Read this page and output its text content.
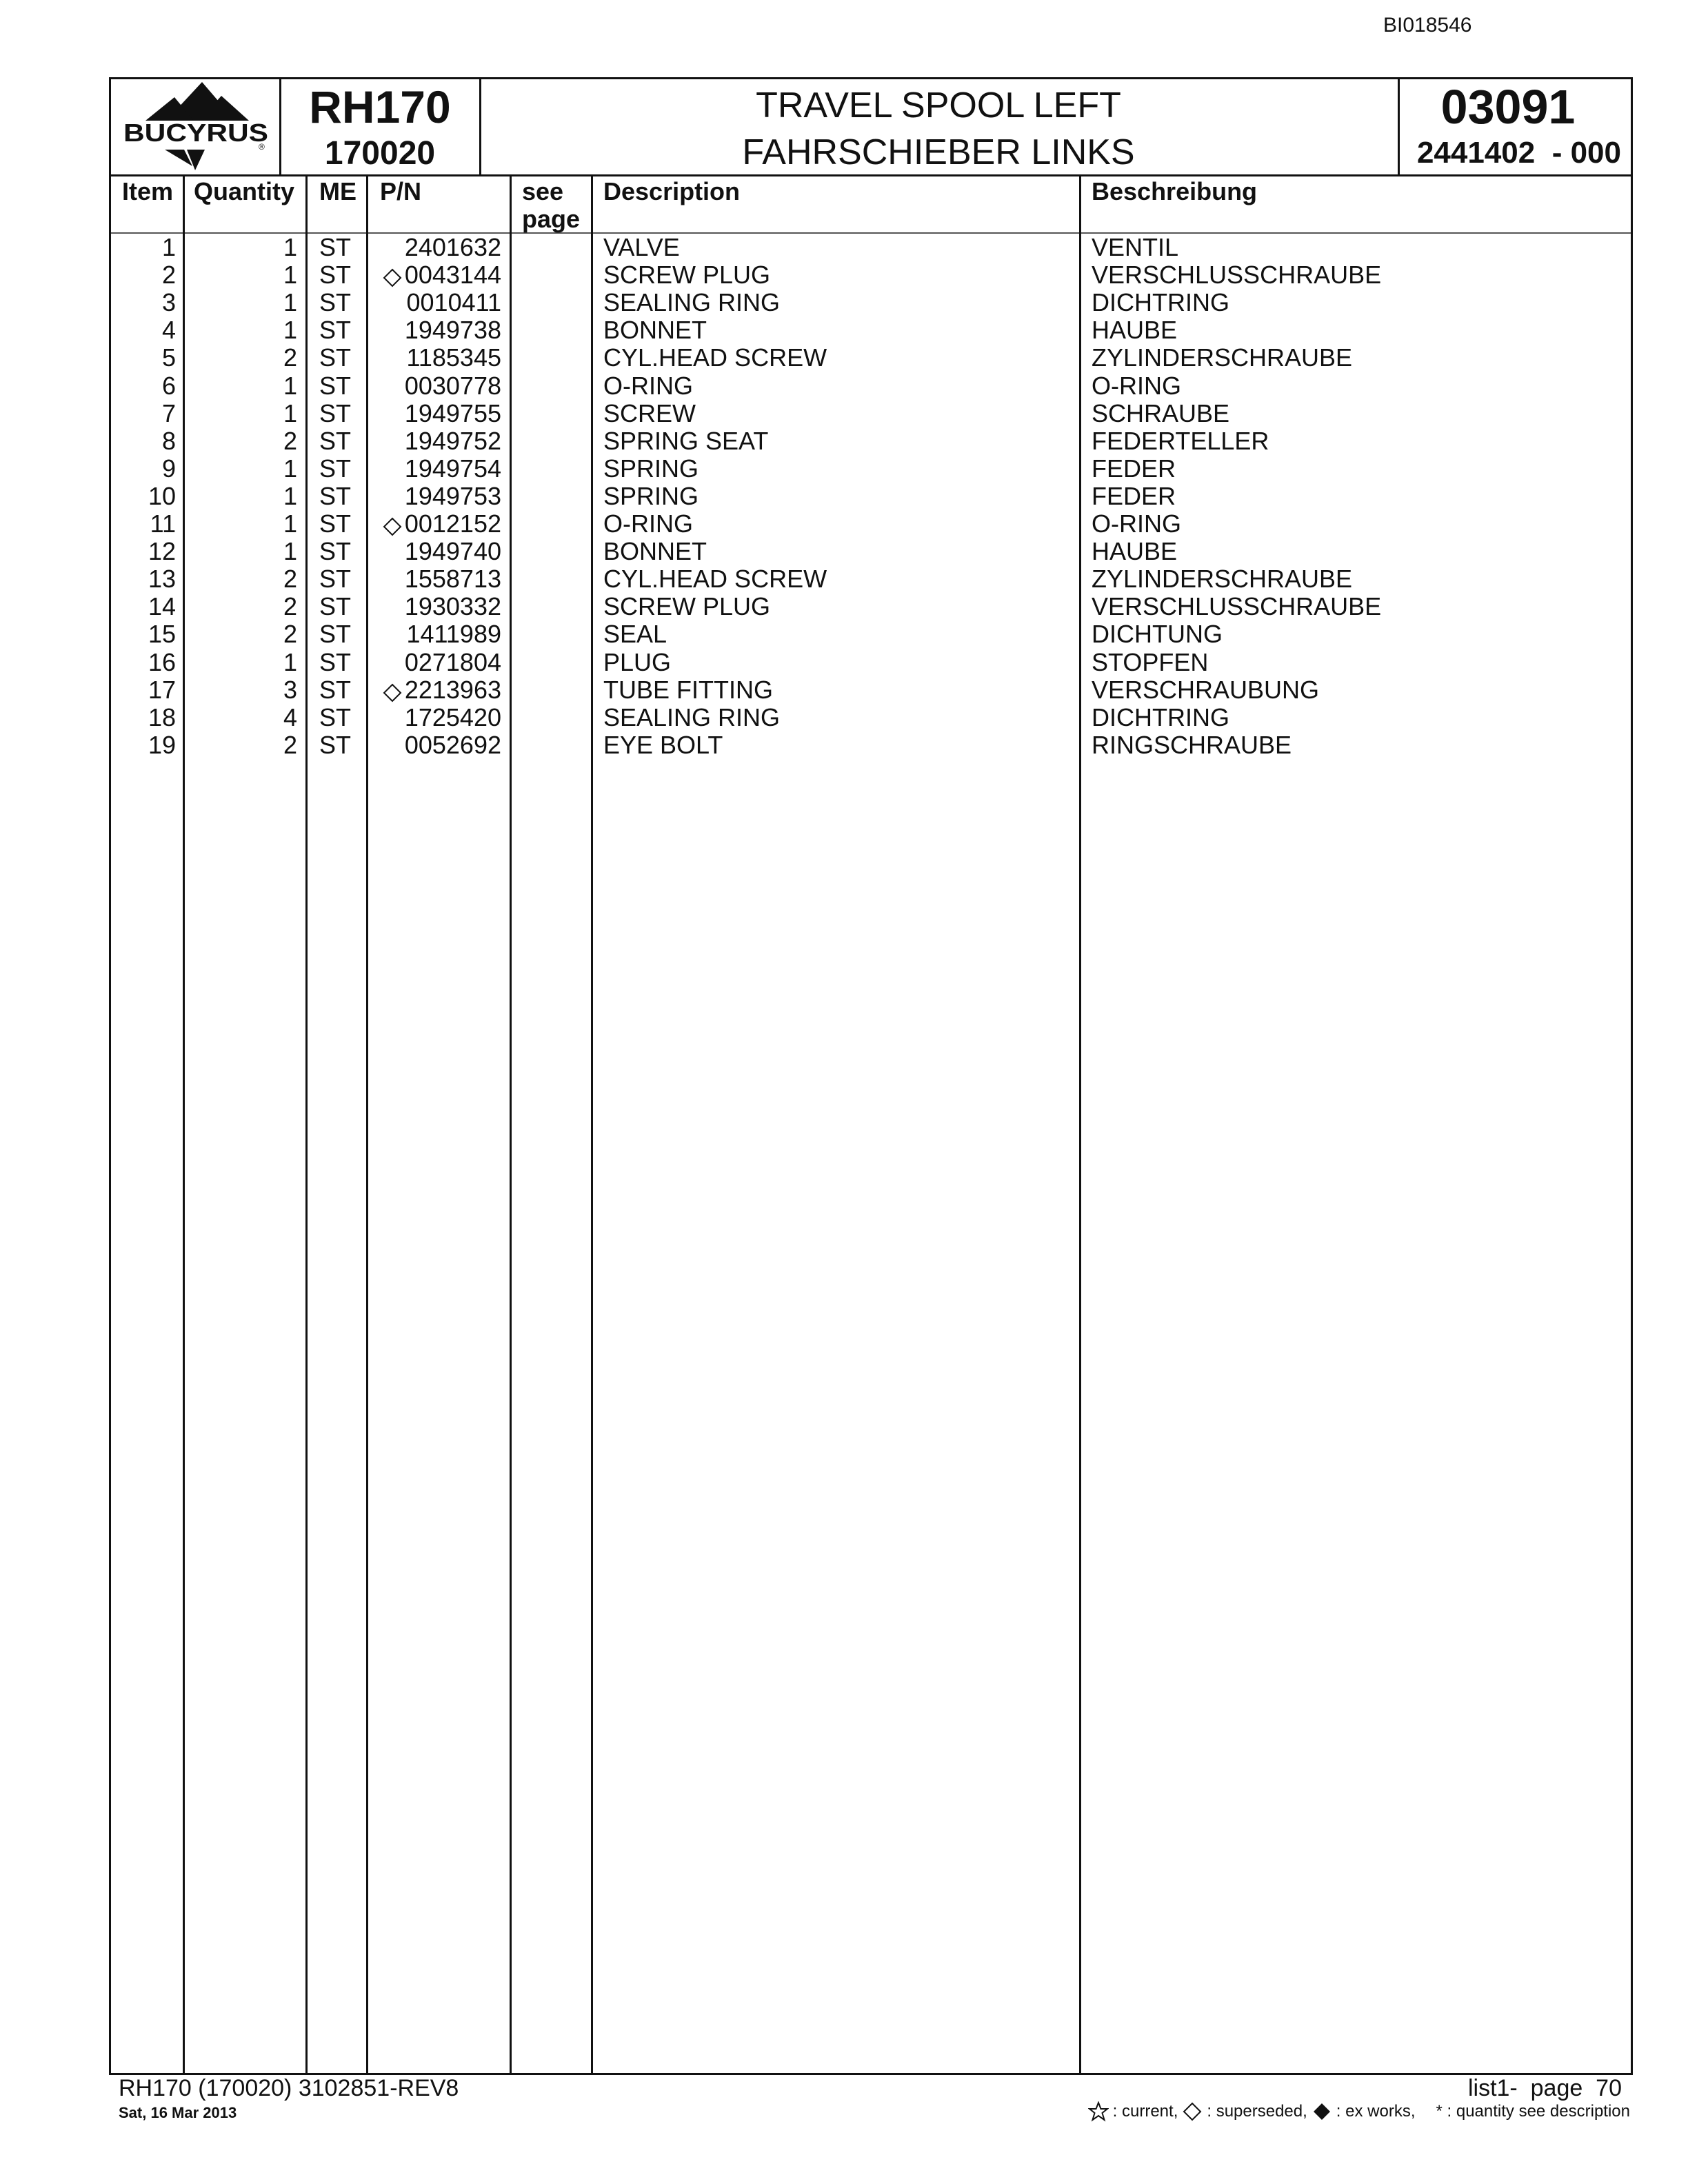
BI018546
BUCYRUS
®
RH170
170020
TRAVEL SPOOL LEFT
FAHRSCHIEBER LINKS
03091
2441402  - 000
Item Quantity ME P/N	see
page
Description	Beschreibung
1	1 ST	2401632	VALVE	VENTIL
2	1 ST	0043144	SCREW PLUG	VERSCHLUSSCHRAUBE
3	1 ST	0010411	SEALING RING	DICHTRING
4	1 ST	1949738	BONNET	HAUBE
5	2 ST	1185345	CYL.HEAD SCREW	ZYLINDERSCHRAUBE
6	1 ST	0030778	O-RING	O-RING
7	1 ST	1949755	SCREW	SCHRAUBE
8	2 ST	1949752	SPRING SEAT	FEDERTELLER
9	1 ST	1949754	SPRING	FEDER
10	1 ST	1949753	SPRING	FEDER
11	1 ST	0012152	O-RING	O-RING
12	1 ST	1949740	BONNET	HAUBE
13	2 ST	1558713	CYL.HEAD SCREW	ZYLINDERSCHRAUBE
14	2 ST	1930332	SCREW PLUG	VERSCHLUSSCHRAUBE
15	2 ST	1411989	SEAL	DICHTUNG
16	1 ST	0271804	PLUG	STOPFEN
17	3 ST	2213963	TUBE FITTING	VERSCHRAUBUNG
18	4 ST	1725420	SEALING RING	DICHTRING
19	2 ST	0052692	EYE BOLT	RINGSCHRAUBE
RH170 (170020) 3102851-REV8
Sat, 16 Mar 2013
list1-  page  70
: current, : superseded, : ex works, * : quantity see description
